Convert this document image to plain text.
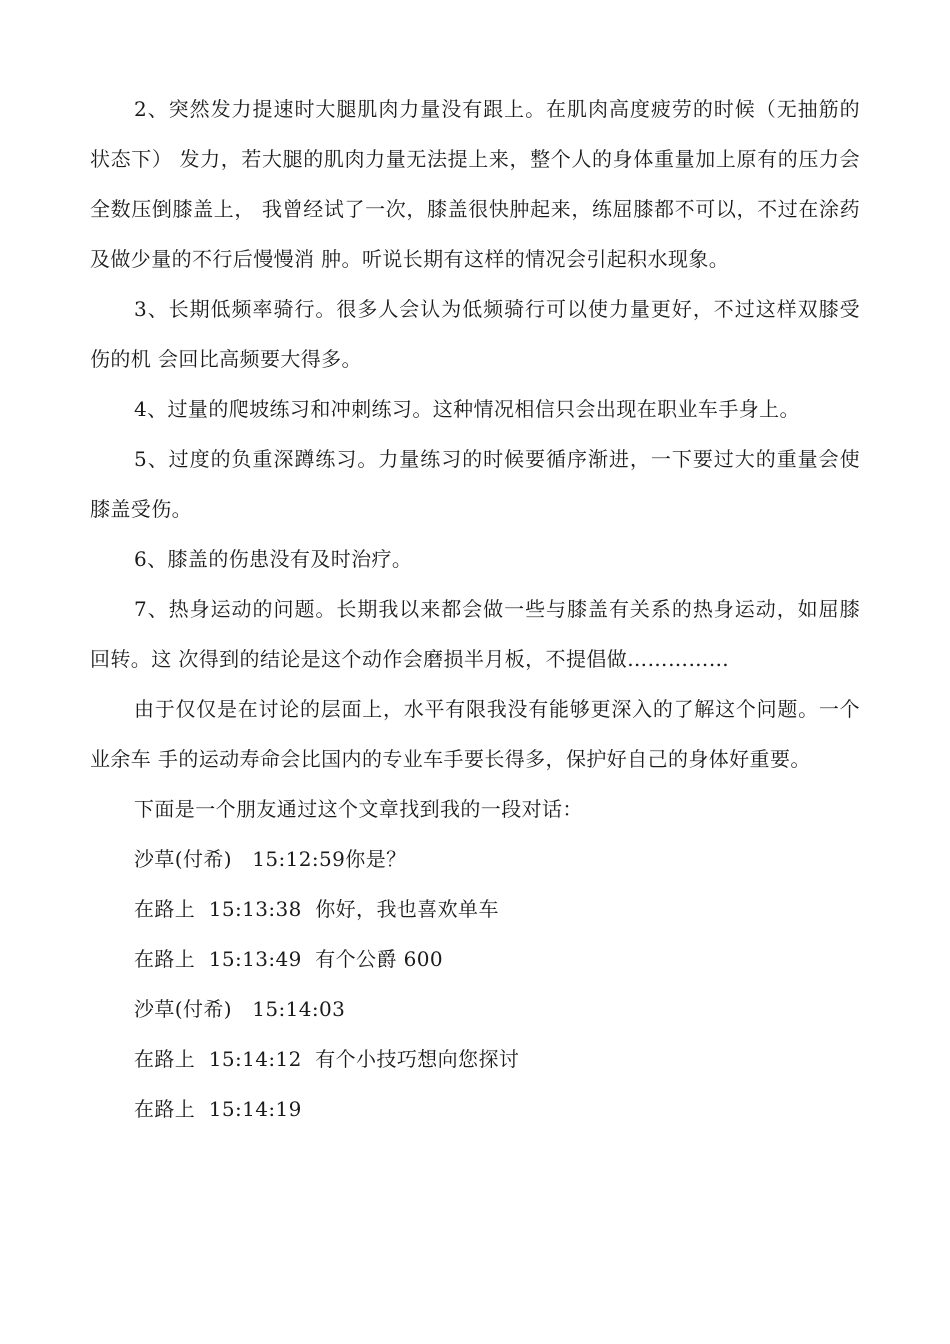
2、突然发力提速时大腿肌肉力量没有跟上。在肌肉高度疲劳的时候（无抽筋的状态下） 发力，若大腿的肌肉力量无法提上来，整个人的身体重量加上原有的压力会全数压倒膝盖上， 我曾经试了一次，膝盖很快肿起来，练屈膝都不可以，不过在涂药及做少量的不行后慢慢消 肿。听说长期有这样的情况会引起积水现象。

3、长期低频率骑行。很多人会认为低频骑行可以使力量更好，不过这样双膝受伤的机 会回比高频要大得多。

4、过量的爬坡练习和冲刺练习。这种情况相信只会出现在职业车手身上。

5、过度的负重深蹲练习。力量练习的时候要循序渐进，一下要过大的重量会使膝盖受伤。

6、膝盖的伤患没有及时治疗。

7、热身运动的问题。长期我以来都会做一些与膝盖有关系的热身运动，如屈膝回转。这 次得到的结论是这个动作会磨损半月板，不提倡做……………

由于仅仅是在讨论的层面上，水平有限我没有能够更深入的了解这个问题。一个业余车 手的运动寿命会比国内的专业车手要长得多，保护好自己的身体好重要。

下面是一个朋友通过这个文章找到我的一段对话：

沙草(付希)   15:12:59你是？

在路上  15:13:38  你好，我也喜欢单车

在路上  15:13:49  有个公爵 600

沙草(付希)   15:14:03

在路上  15:14:12  有个小技巧想向您探讨

在路上  15:14:19
